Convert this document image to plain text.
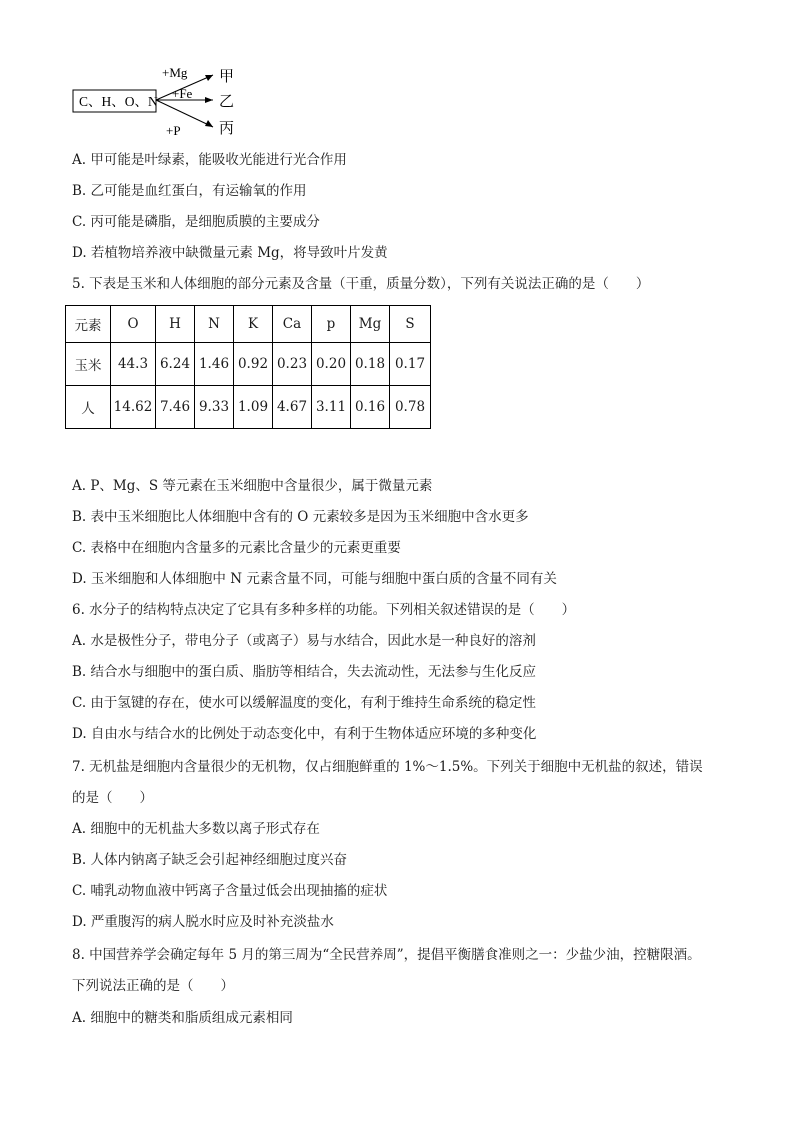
C、H、O、N
+Mg
+Fe
+P
甲
乙
丙
A. 甲可能是叶绿素，能吸收光能进行光合作用
B. 乙可能是血红蛋白，有运输氧的作用
C. 丙可能是磷脂，是细胞质膜的主要成分
D. 若植物培养液中缺微量元素 Mg，将导致叶片发黄
5. 下表是玉米和人体细胞的部分元素及含量（干重，质量分数），下列有关说法正确的是（　　）
元素	O	H	N	K	Ca	p	Mg	S
玉米	44.3	6.24	1.46	0.92	0.23	0.20	0.18	0.17
人	14.62	7.46	9.33	1.09	4.67	3.11	0.16	0.78
A. P、Mg、S 等元素在玉米细胞中含量很少，属于微量元素
B. 表中玉米细胞比人体细胞中含有的 O 元素较多是因为玉米细胞中含水更多
C. 表格中在细胞内含量多的元素比含量少的元素更重要
D. 玉米细胞和人体细胞中 N 元素含量不同，可能与细胞中蛋白质的含量不同有关
6. 水分子的结构特点决定了它具有多种多样的功能。下列相关叙述错误的是（　　）
A. 水是极性分子，带电分子（或离子）易与水结合，因此水是一种良好的溶剂
B. 结合水与细胞中的蛋白质、脂肪等相结合，失去流动性，无法参与生化反应
C. 由于氢键的存在，使水可以缓解温度的变化，有利于维持生命系统的稳定性
D. 自由水与结合水的比例处于动态变化中，有利于生物体适应环境的多种变化
7. 无机盐是细胞内含量很少的无机物，仅占细胞鲜重的 1%～1.5%。下列关于细胞中无机盐的叙述，错误
的是（　　）
A. 细胞中的无机盐大多数以离子形式存在
B. 人体内钠离子缺乏会引起神经细胞过度兴奋
C. 哺乳动物血液中钙离子含量过低会出现抽搐的症状
D. 严重腹泻的病人脱水时应及时补充淡盐水
8. 中国营养学会确定每年 5 月的第三周为“全民营养周”，提倡平衡膳食准则之一：少盐少油，控糖限酒。
下列说法正确的是（　　）
A. 细胞中的糖类和脂质组成元素相同
